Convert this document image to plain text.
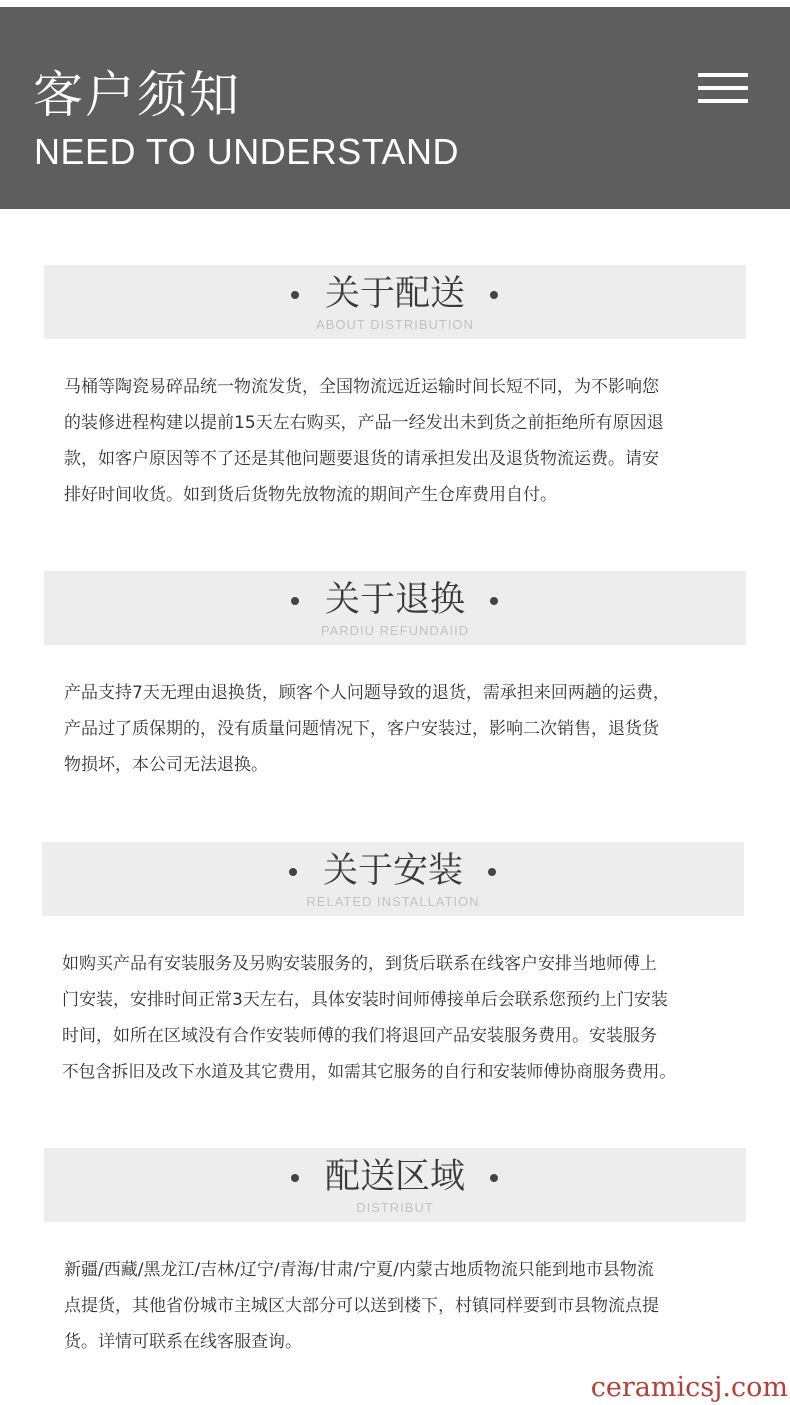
客户须知
NEED TO UNDERSTAND
关于配送
ABOUT DISTRIBUTION

马桶等陶瓷易碎品统一物流发货，全国物流远近运输时间长短不同，为不影响您

的装修进程构建以提前15天左右购买，产品一经发出未到货之前拒绝所有原因退

款，如客户原因等不了还是其他问题要退货的请承担发出及退货物流运费。请安

排好时间收货。如到货后货物先放物流的期间产生仓库费用自付。

关于退换
PARDIU REFUNDAIID

产品支持7天无理由退换货，顾客个人问题导致的退货，需承担来回两趟的运费，

产品过了质保期的，没有质量问题情况下，客户安装过，影响二次销售，退货货

物损坏，本公司无法退换。

关于安装
RELATED INSTALLATION

如购买产品有安装服务及另购安装服务的，到货后联系在线客户安排当地师傅上

门安装，安排时间正常3天左右，具体安装时间师傅接单后会联系您预约上门安装

时间，如所在区域没有合作安装师傅的我们将退回产品安装服务费用。安装服务

不包含拆旧及改下水道及其它费用，如需其它服务的自行和安装师傅协商服务费用。

配送区域
DISTRIBUT

新疆/西藏/黑龙江/吉林/辽宁/青海/甘肃/宁夏/内蒙古地质物流只能到地市县物流

点提货，其他省份城市主城区大部分可以送到楼下，村镇同样要到市县物流点提

货。详情可联系在线客服查询。

ceramicsj.com
